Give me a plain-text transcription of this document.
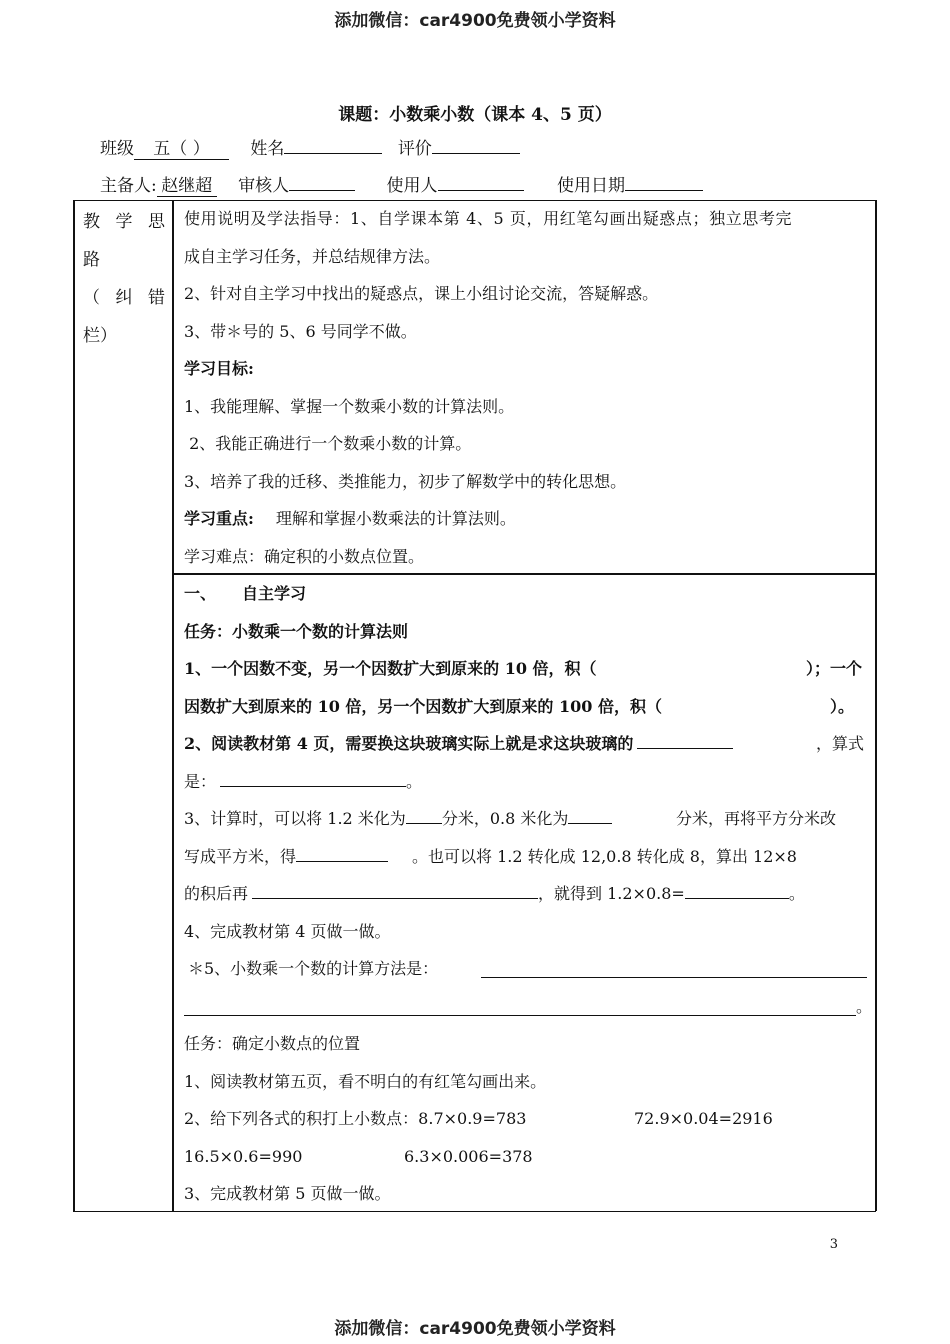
添加微信：car4900免费领小学资料
添加微信：car4900免费领小学资料
课题：小数乘小数（课本 4、5 页）
班级 五（ ） 姓名	评价
主备人: 赵继超 审核人	使用人	使用日期
教 学 思
路
（ 纠 错
栏）
使用说明及学法指导：1、自学课本第 4、5 页，用红笔勾画出疑惑点；独立思考完
成自主学习任务，并总结规律方法。
2、针对自主学习中找出的疑惑点，课上小组讨论交流，答疑解惑。
3、带＊号的 5、6 号同学不做。
学习目标:
1、我能理解、掌握一个数乘小数的计算法则。
2、我能正确进行一个数乘小数的计算。
3、培养了我的迁移、类推能力，初步了解数学中的转化思想。
学习重点: 理解和掌握小数乘法的计算法则。
学习难点：确定积的小数点位置。
一、 自主学习
任务：小数乘一个数的计算法则
1、一个因数不变，另一个因数扩大到原来的 10 倍，积（	）；一个
因数扩大到原来的 10 倍，另一个因数扩大到原来的 100 倍，积（	）。
2、阅读教材第 4 页，需要换这块玻璃实际上就是求这块玻璃的	，算式
是：	。
3、计算时，可以将 1.2 米化为 分米，0.8 米化为	分米，再将平方分米改
写成平方米，得	。也可以将 1.2 转化成 12,0.8 转化成 8，算出 12×8
的积后再	，就得到 1.2×0.8=	。
4、完成教材第 4 页做一做。
＊5、小数乘一个数的计算方法是：
。

任务：确定小数点的位置
1、阅读教材第五页，看不明白的有红笔勾画出来。
2、给下列各式的积打上小数点：8.7×0.9=783	72.9×0.04=2916
16.5×0.6=990	6.3×0.006=378
3、完成教材第 5 页做一做。
3
